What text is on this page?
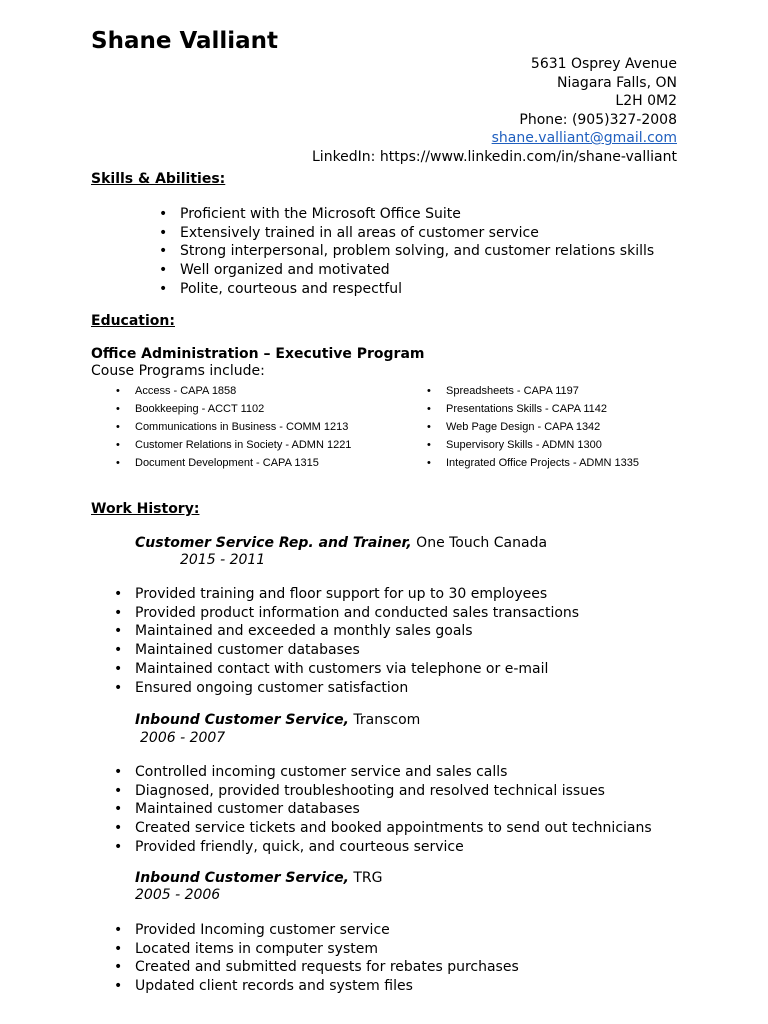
Shane Valliant
5631 Osprey Avenue
Niagara Falls, ON
L2H 0M2
Phone: (905)327-2008
shane.valliant@gmail.com
LinkedIn: https://www.linkedin.com/in/shane-valliant
Skills & Abilities:
• Proficient with the Microsoft Office Suite
• Extensively trained in all areas of customer service
• Strong interpersonal, problem solving, and customer relations skills
• Well organized and motivated
• Polite, courteous and respectful
Education:
Office Administration – Executive Program
Couse Programs include:
• Access - CAPA 1858
• Bookkeeping - ACCT 1102
• Communications in Business - COMM 1213
• Customer Relations in Society - ADMN 1221
• Document Development - CAPA 1315
• Spreadsheets - CAPA 1197
• Presentations Skills - CAPA 1142
• Web Page Design - CAPA 1342
• Supervisory Skills - ADMN 1300
• Integrated Office Projects - ADMN 1335
Work History:
Customer Service Rep. and Trainer, One Touch Canada
2015 - 2011
• Provided training and floor support for up to 30 employees
• Provided product information and conducted sales transactions
• Maintained and exceeded a monthly sales goals
• Maintained customer databases
• Maintained contact with customers via telephone or e-mail
• Ensured ongoing customer satisfaction
Inbound Customer Service, Transcom
2006 - 2007
• Controlled incoming customer service and sales calls
• Diagnosed, provided troubleshooting and resolved technical issues
• Maintained customer databases
• Created service tickets and booked appointments to send out technicians
• Provided friendly, quick, and courteous service
Inbound Customer Service, TRG
2005 - 2006
• Provided Incoming customer service
• Located items in computer system
• Created and submitted requests for rebates purchases
• Updated client records and system files
